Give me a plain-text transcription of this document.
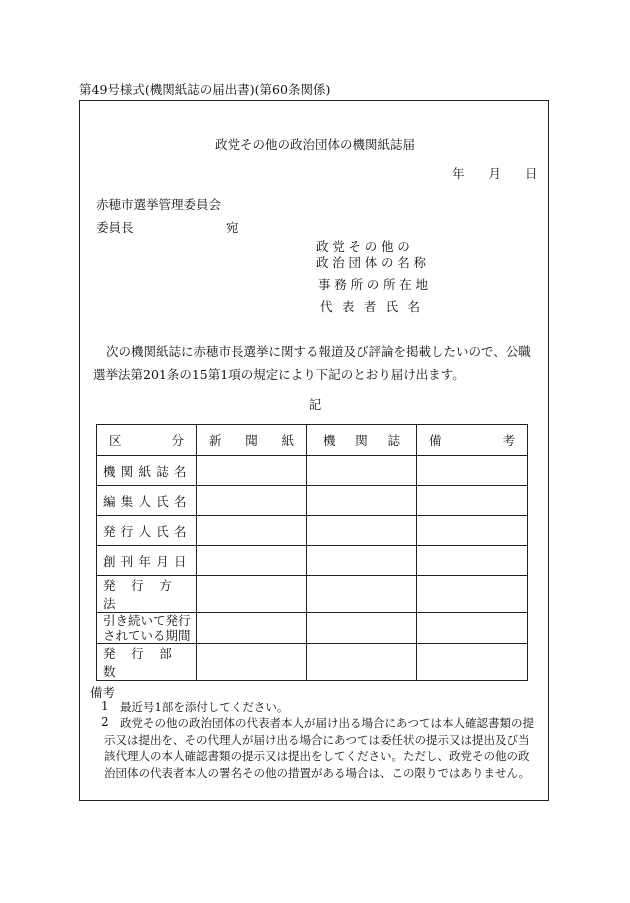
第49号様式(機関紙誌の届出書)(第60条関係)
政党その他の政治団体の機関紙誌届
年 月 日
赤穂市選挙管理委員会
委員長	宛
政党その他の
政治団体の名称
事務所の所在地
代表者氏名
次の機関紙誌に赤穂市長選挙に関する報道及び評論を掲載したいので、公職選挙法第201条の15第1項の規定により下記のとおり届け出ます。
記
区　分	新聞紙	機関誌	備　考
機関紙誌名			
編集人氏名			
発行人氏名			
創刊年月日			
発行方法			

引き続いて発行
されている期間			

発行部数			
備考
1 最近号1部を添付してください。
2 政党その他の政治団体の代表者本人が届け出る場合にあつては本人確認書類の提示又は提出を、その代理人が届け出る場合にあつては委任状の提示又は提出及び当該代理人の本人確認書類の提示又は提出をしてください。ただし、政党その他の政治団体の代表者本人の署名その他の措置がある場合は、この限りではありません。
